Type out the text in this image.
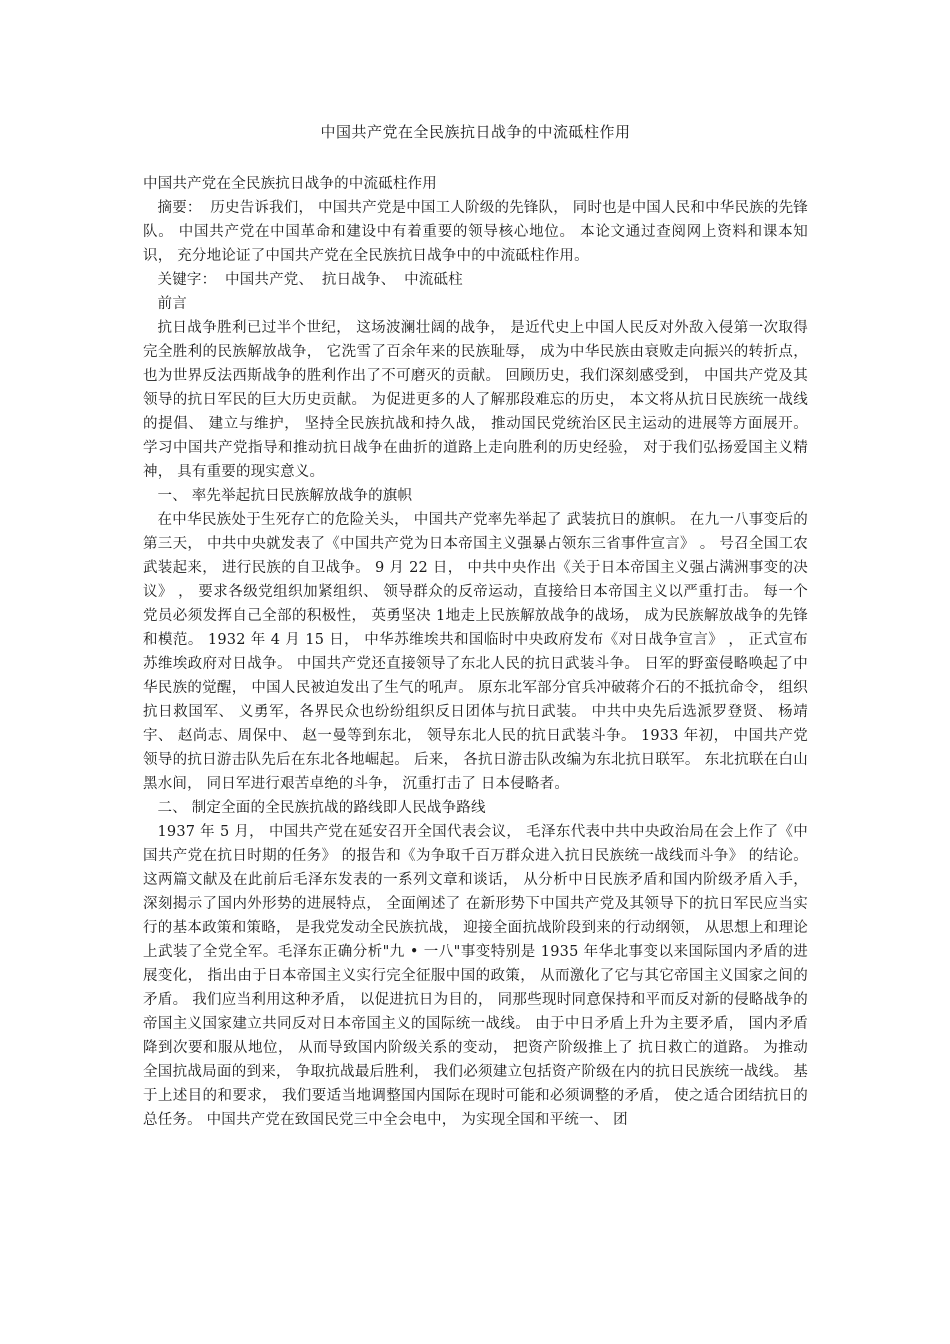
中国共产党在全民族抗日战争的中流砥柱作用

中国共产党在全民族抗日战争的中流砥柱作用

摘要： 历史告诉我们， 中国共产党是中国工人阶级的先锋队， 同时也是中国人民和中华民族的先锋队。 中国共产党在中国革命和建设中有着重要的领导核心地位。 本论文通过查阅网上资料和课本知识， 充分地论证了中国共产党在全民族抗日战争中的中流砥柱作用。

关键字： 中国共产党、 抗日战争、 中流砥柱

前言

抗日战争胜利已过半个世纪， 这场波澜壮阔的战争， 是近代史上中国人民反对外敌入侵第一次取得完全胜利的民族解放战争， 它洗雪了百余年来的民族耻辱， 成为中华民族由衰败走向振兴的转折点， 也为世界反法西斯战争的胜利作出了不可磨灭的贡献。 回顾历史，我们深刻感受到， 中国共产党及其领导的抗日军民的巨大历史贡献。 为促进更多的人了解那段难忘的历史， 本文将从抗日民族统一战线的提倡、 建立与维护， 坚持全民族抗战和持久战， 推动国民党统治区民主运动的进展等方面展开。 学习中国共产党指导和推动抗日战争在曲折的道路上走向胜利的历史经验， 对于我们弘扬爱国主义精神， 具有重要的现实意义。

一、 率先举起抗日民族解放战争的旗帜

在中华民族处于生死存亡的危险关头， 中国共产党率先举起了 武装抗日的旗帜。 在九一八事变后的第三天， 中共中央就发表了《中国共产党为日本帝国主义强暴占领东三省事件宣言》 。 号召全国工农武装起来， 进行民族的自卫战争。 9 月 22 日， 中共中央作出《关于日本帝国主义强占满洲事变的决议》 ， 要求各级党组织加紧组织、 领导群众的反帝运动，直接给日本帝国主义以严重打击。 每一个党员必须发挥自己全部的积极性， 英勇坚决 1地走上民族解放战争的战场， 成为民族解放战争的先锋和模范。 1932 年 4 月 15 日， 中华苏维埃共和国临时中央政府发布《对日战争宣言》 ， 正式宣布苏维埃政府对日战争。 中国共产党还直接领导了东北人民的抗日武装斗争。 日军的野蛮侵略唤起了中华民族的觉醒， 中国人民被迫发出了生气的吼声。 原东北军部分官兵冲破蒋介石的不抵抗命令， 组织抗日救国军、 义勇军，各界民众也纷纷组织反日团体与抗日武装。 中共中央先后选派罗登贤、 杨靖宇、 赵尚志、周保中、 赵一曼等到东北， 领导东北人民的抗日武装斗争。 1933 年初， 中国共产党领导的抗日游击队先后在东北各地崛起。 后来， 各抗日游击队改编为东北抗日联军。 东北抗联在白山黑水间， 同日军进行艰苦卓绝的斗争， 沉重打击了 日本侵略者。

二、 制定全面的全民族抗战的路线即人民战争路线

1937 年 5 月， 中国共产党在延安召开全国代表会议， 毛泽东代表中共中央政治局在会上作了《中国共产党在抗日时期的任务》 的报告和《为争取千百万群众进入抗日民族统一战线而斗争》 的结论。 这两篇文献及在此前后毛泽东发表的一系列文章和谈话， 从分析中日民族矛盾和国内阶级矛盾入手，深刻揭示了国内外形势的进展特点， 全面阐述了 在新形势下中国共产党及其领导下的抗日军民应当实行的基本政策和策略， 是我党发动全民族抗战， 迎接全面抗战阶段到来的行动纲领， 从思想上和理论上武装了全党全军。毛泽东正确分析"九 • 一八"事变特别是 1935 年华北事变以来国际国内矛盾的进展变化， 指出由于日本帝国主义实行完全征服中国的政策， 从而激化了它与其它帝国主义国家之间的矛盾。 我们应当利用这种矛盾， 以促进抗日为目的， 同那些现时同意保持和平而反对新的侵略战争的帝国主义国家建立共同反对日本帝国主义的国际统一战线。 由于中日矛盾上升为主要矛盾， 国内矛盾降到次要和服从地位， 从而导致国内阶级关系的变动， 把资产阶级推上了 抗日救亡的道路。 为推动全国抗战局面的到来， 争取抗战最后胜利， 我们必须建立包括资产阶级在内的抗日民族统一战线。 基于上述目的和要求， 我们要适当地调整国内国际在现时可能和必须调整的矛盾， 使之适合团结抗日的总任务。 中国共产党在致国民党三中全会电中， 为实现全国和平统一、 团
